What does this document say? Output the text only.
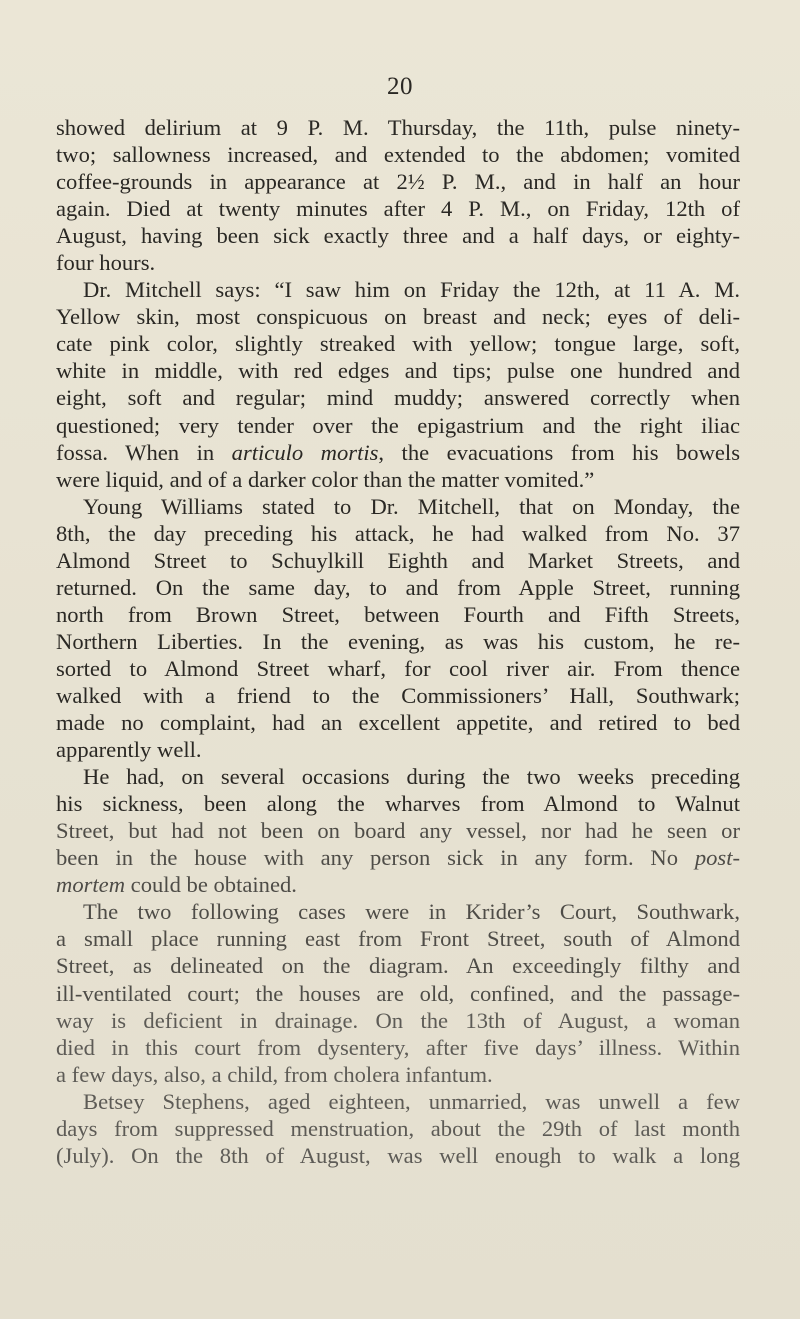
20
showed delirium at 9 P. M. Thursday, the 11th, pulse ninety-
two; sallowness increased, and extended to the abdomen; vomited
coffee-grounds in appearance at 2½ P. M., and in half an hour
again. Died at twenty minutes after 4 P. M., on Friday, 12th of
August, having been sick exactly three and a half days, or eighty-
four hours.
Dr. Mitchell says: “I saw him on Friday the 12th, at 11 A. M.
Yellow skin, most conspicuous on breast and neck; eyes of deli-
cate pink color, slightly streaked with yellow; tongue large, soft,
white in middle, with red edges and tips; pulse one hundred and
eight, soft and regular; mind muddy; answered correctly when
questioned; very tender over the epigastrium and the right iliac
fossa. When in articulo mortis, the evacuations from his bowels
were liquid, and of a darker color than the matter vomited.”
Young Williams stated to Dr. Mitchell, that on Monday, the
8th, the day preceding his attack, he had walked from No. 37
Almond Street to Schuylkill Eighth and Market Streets, and
returned. On the same day, to and from Apple Street, running
north from Brown Street, between Fourth and Fifth Streets,
Northern Liberties. In the evening, as was his custom, he re-
sorted to Almond Street wharf, for cool river air. From thence
walked with a friend to the Commissioners’ Hall, Southwark;
made no complaint, had an excellent appetite, and retired to bed
apparently well.
He had, on several occasions during the two weeks preceding
his sickness, been along the wharves from Almond to Walnut
Street, but had not been on board any vessel, nor had he seen or
been in the house with any person sick in any form. No post-
mortem could be obtained.
The two following cases were in Krider’s Court, Southwark,
a small place running east from Front Street, south of Almond
Street, as delineated on the diagram. An exceedingly filthy and
ill-ventilated court; the houses are old, confined, and the passage-
way is deficient in drainage. On the 13th of August, a woman
died in this court from dysentery, after five days’ illness. Within
a few days, also, a child, from cholera infantum.
Betsey Stephens, aged eighteen, unmarried, was unwell a few
days from suppressed menstruation, about the 29th of last month
(July). On the 8th of August, was well enough to walk a long
